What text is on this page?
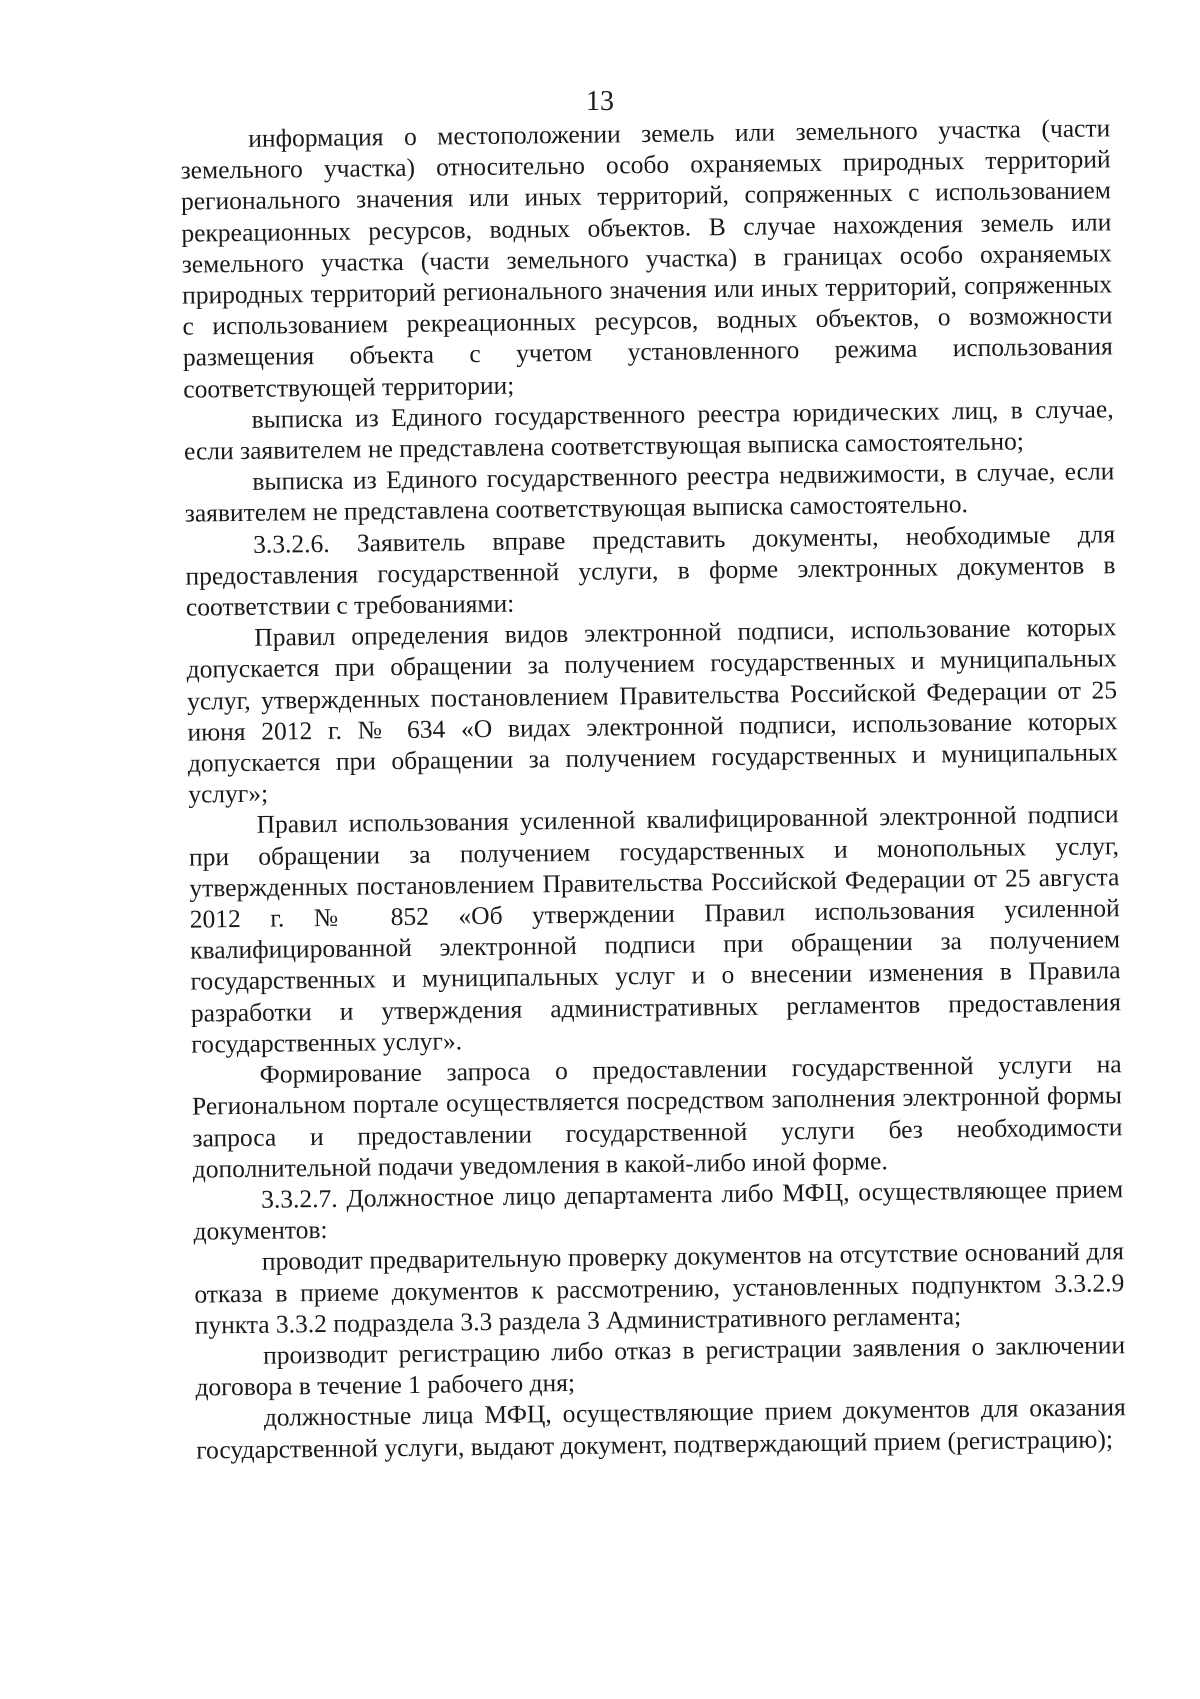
13

информация о местоположении земель или земельного участка (части земельного участка) относительно особо охраняемых природных территорий регионального значения или иных территорий, сопряженных с использованием рекреационных ресурсов, водных объектов. В случае нахождения земель или земельного участка (части земельного участка) в границах особо охраняемых природных территорий регионального значения или иных территорий, сопряженных с использованием рекреационных ресурсов, водных объектов, о возможности размещения объекта с учетом установленного режима использования соответствующей территории;

выписка из Единого государственного реестра юридических лиц, в случае, если заявителем не представлена соответствующая выписка самостоятельно;

выписка из Единого государственного реестра недвижимости, в случае, если заявителем не представлена соответствующая выписка самостоятельно.

3.3.2.6. Заявитель вправе представить документы, необходимые для предоставления государственной услуги, в форме электронных документов в соответствии с требованиями:

Правил определения видов электронной подписи, использование которых допускается при обращении за получением государственных и муниципальных услуг, утвержденных постановлением Правительства Российской Федерации от 25 июня 2012 г. № 634 «О видах электронной подписи, использование которых допускается при обращении за получением государственных и муниципальных услуг»;

Правил использования усиленной квалифицированной электронной подписи при обращении за получением государственных и монопольных услуг, утвержденных постановлением Правительства Российской Федерации от 25 августа 2012 г. № 852 «Об утверждении Правил использования усиленной квалифицированной электронной подписи при обращении за получением государственных и муниципальных услуг и о внесении изменения в Правила разработки и утверждения административных регламентов предоставления государственных услуг».

Формирование запроса о предоставлении государственной услуги на Региональном портале осуществляется посредством заполнения электронной формы запроса и предоставлении государственной услуги без необходимости дополнительной подачи уведомления в какой-либо иной форме.

3.3.2.7. Должностное лицо департамента либо МФЦ, осуществляющее прием документов:

проводит предварительную проверку документов на отсутствие оснований для отказа в приеме документов к рассмотрению, установленных подпунктом 3.3.2.9 пункта 3.3.2 подраздела 3.3 раздела 3 Административного регламента;

производит регистрацию либо отказ в регистрации заявления о заключении договора в течение 1 рабочего дня;

должностные лица МФЦ, осуществляющие прием документов для оказания государственной услуги, выдают документ, подтверждающий прием (регистрацию);
